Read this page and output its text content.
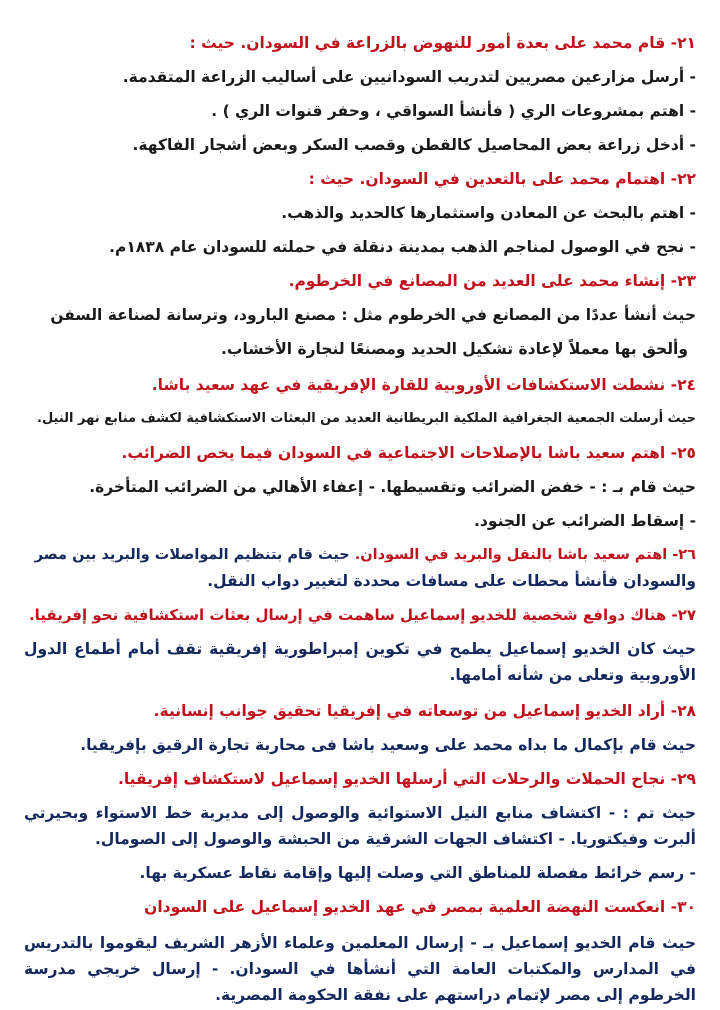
٢١- قام محمد على بعدة أمور للنهوض بالزراعة في السودان. حيث :
- أرسل مزارعين مصريين لتدريب السودانيين على أساليب الزراعة المتقدمة.
- اهتم بمشروعات الري ( فأنشأ السواقي ، وحفر قنوات الري ) .
- أدخل زراعة بعض المحاصيل كالقطن وقصب السكر وبعض أشجار الفاكهة.
٢٢- اهتمام محمد على بالتعدين في السودان. حيث :
- اهتم بالبحث عن المعادن واستثمارها كالحديد والذهب.
- نجح في الوصول لمناجم الذهب بمدينة دنقلة في حملته للسودان عام ١٨٣٨م.
٢٣- إنشاء محمد على العديد من المصانع في الخرطوم.
حيث أنشأ عددًا من المصانع في الخرطوم مثل : مصنع البارود، وترسانة لصناعة السفن
وألحق بها معملاً لإعادة تشكيل الحديد ومصنعًا لنجارة الأخشاب.
٢٤- نشطت الاستكشافات الأوروبية للقارة الإفريقية في عهد سعيد باشا.
حيث أرسلت الجمعية الجغرافية الملكية البريطانية العديد من البعثات الاستكشافية لكشف منابع نهر النيل.
٢٥- اهتم سعيد باشا بالإصلاحات الاجتماعية في السودان فيما يخص الضرائب.
حيث قام بـ : - خفض الضرائب وتقسيطها. - إعفاء الأهالي من الضرائب المتأخرة.
- إسقاط الضرائب عن الجنود.
٢٦- اهتم سعيد باشا بالنقل والبريد في السودان. حيث قام بتنظيم المواصلات والبريد بين مصر
والسودان فأنشأ محطات على مسافات محددة لتغيير دواب النقل.
٢٧- هناك دوافع شخصية للخديو إسماعيل ساهمت في إرسال بعثات استكشافية نحو إفريقيا.
حيث كان الخديو إسماعيل يطمح في تكوين إمبراطورية إفريقية تقف أمام أطماع الدول الأوروبية وتعلى من شأنه أمامها.
٢٨- أراد الخديو إسماعيل من توسعاته في إفريقيا تحقيق جوانب إنسانية.
حيث قام بإكمال ما بداه محمد على وسعيد باشا فى محاربة تجارة الرقيق بإفريقيا.
٢٩- نجاح الحملات والرحلات التي أرسلها الخديو إسماعيل لاستكشاف إفريقيا.
حيث تم : - اكتشاف منابع النيل الاستوائية والوصول إلى مديرية خط الاستواء وبحيرتي ألبرت وفيكتوريا. - اكتشاف الجهات الشرقية من الحبشة والوصول إلى الصومال.
- رسم خرائط مفصلة للمناطق التي وصلت إليها وإقامة نقاط عسكرية بها.
٣٠- انعكست النهضة العلمية بمصر في عهد الخديو إسماعيل على السودان
حيث قام الخديو إسماعيل بـ - إرسال المعلمين وعلماء الأزهر الشريف ليقوموا بالتدريس في المدارس والمكتبات العامة التي أنشأها في السودان. - إرسال خريجي مدرسة الخرطوم إلى مصر لإتمام دراستهم على نفقة الحكومة المصرية.
